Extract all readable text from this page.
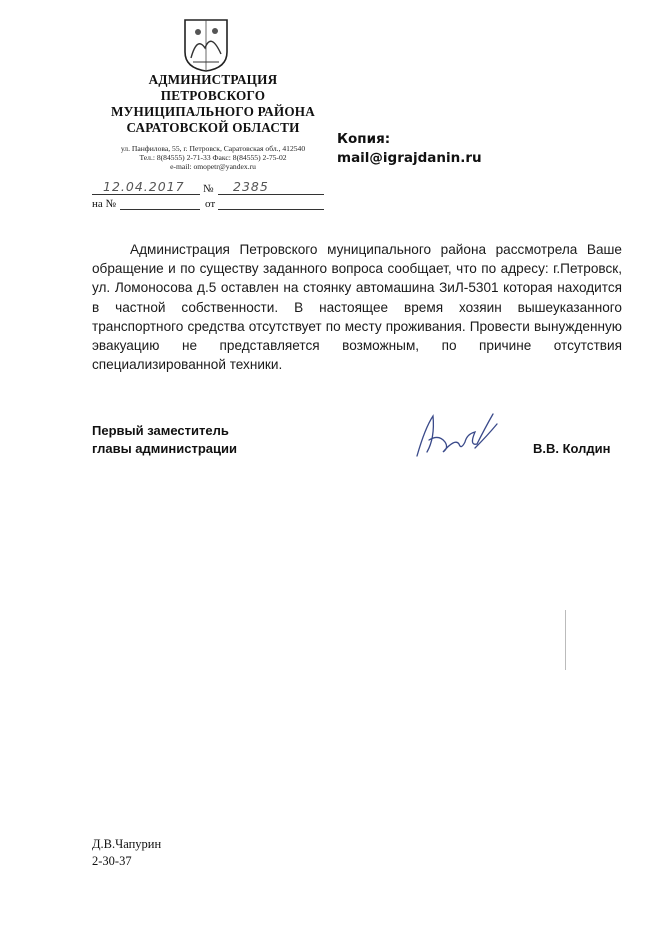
АДМИНИСТРАЦИЯ
ПЕТРОВСКОГО
МУНИЦИПАЛЬНОГО РАЙОНА
САРАТОВСКОЙ ОБЛАСТИ
ул. Панфилова, 55, г. Петровск, Саратовская обл., 412540
Тел.: 8(84555) 2-71-33 Факс: 8(84555) 2-75-02
e-mail: omopetr@yandex.ru
Копия:
mail@igrajdanin.ru
12.04.2017 № 2385
на №	от

Администрация Петровского муниципального района рассмотрела Ваше обращение и по существу заданного вопроса сообщает, что по адресу: г.Петровск, ул. Ломоносова д.5 оставлен на стоянку автомашина ЗиЛ-5301 которая находится в частной собственности. В настоящее время хозяин вышеуказанного транспортного средства отсутствует по месту проживания. Провести вынужденную эвакуацию не представляется возможным, по причине отсутствия специализированной техники.

Первый заместитель
главы администрации	В.В. Колдин
Д.В.Чапурин
2-30-37
